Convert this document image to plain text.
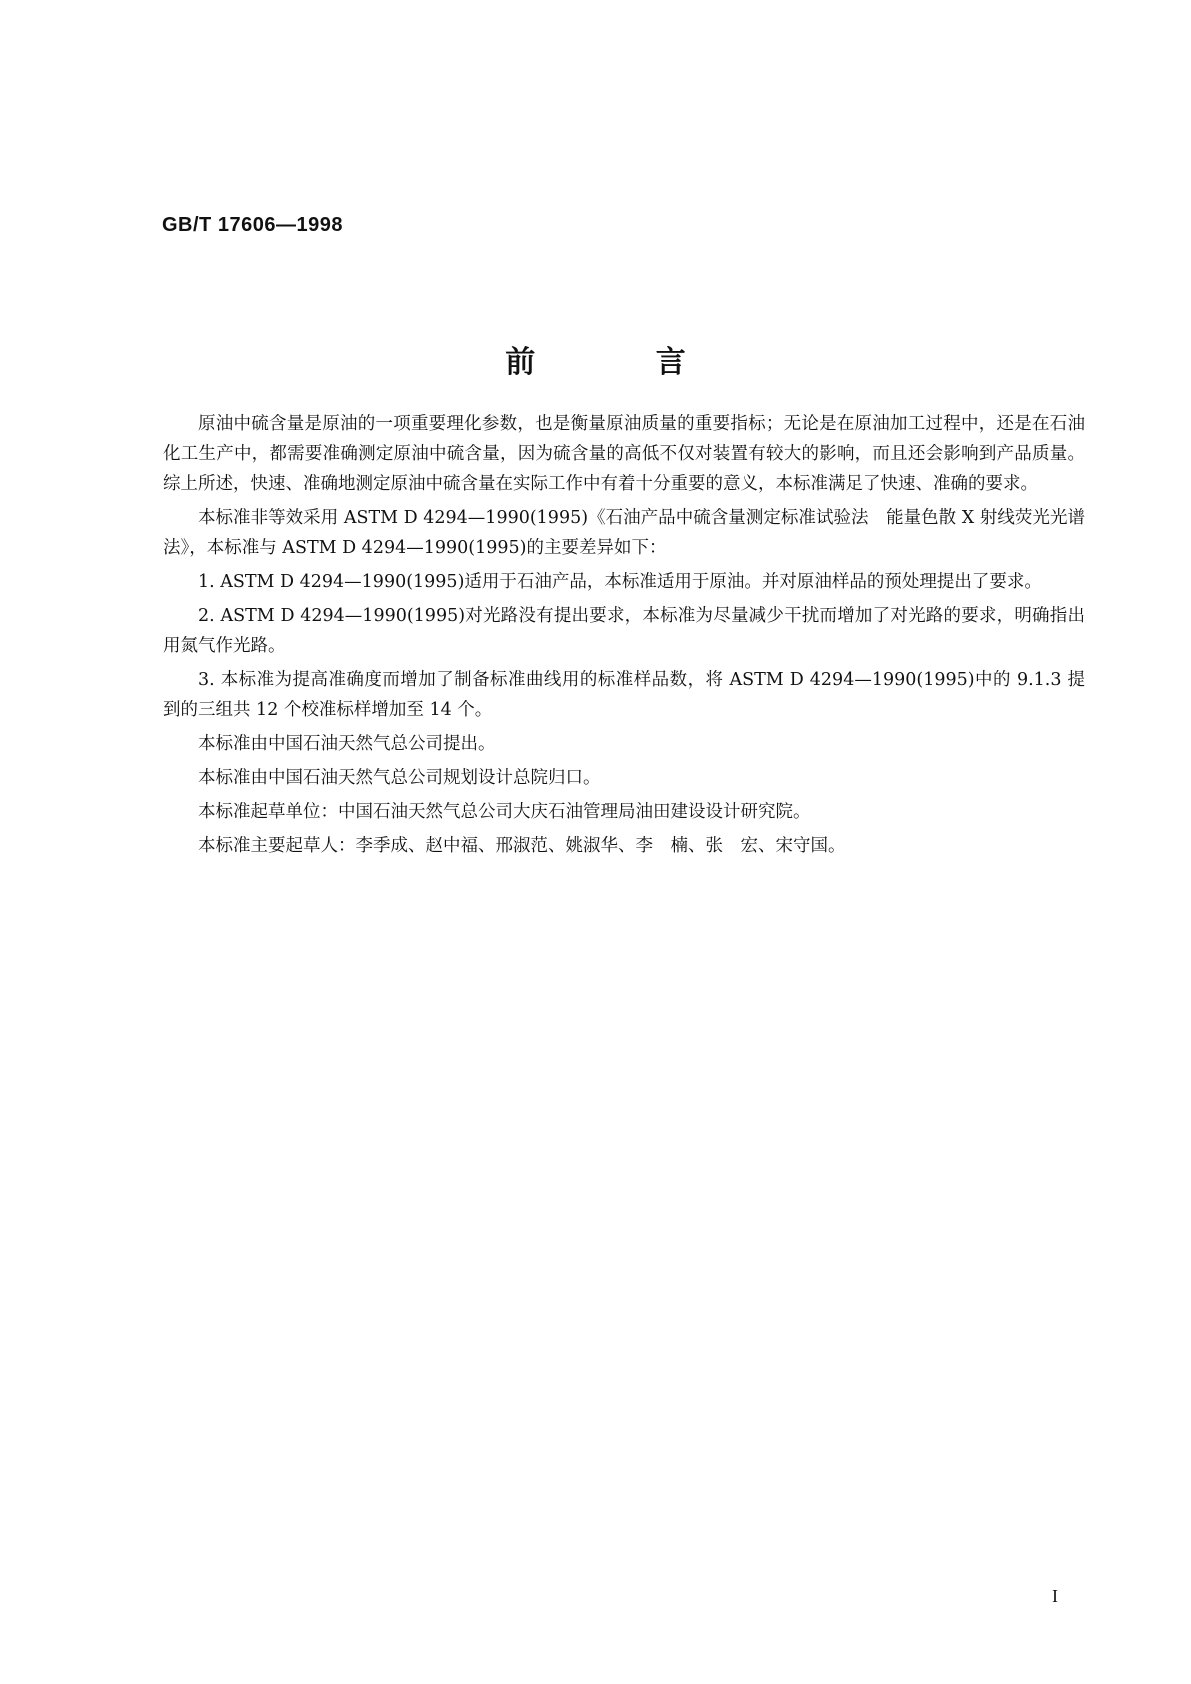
GB/T 17606—1998
前 言

原油中硫含量是原油的一项重要理化参数，也是衡量原油质量的重要指标；无论是在原油加工过程中，还是在石油化工生产中，都需要准确测定原油中硫含量，因为硫含量的高低不仅对装置有较大的影响，而且还会影响到产品质量。综上所述，快速、准确地测定原油中硫含量在实际工作中有着十分重要的意义，本标准满足了快速、准确的要求。

本标准非等效采用 ASTM D 4294—1990(1995)《石油产品中硫含量测定标准试验法　能量色散 X 射线荧光光谱法》，本标准与 ASTM D 4294—1990(1995)的主要差异如下：

1. ASTM D 4294—1990(1995)适用于石油产品，本标准适用于原油。并对原油样品的预处理提出了要求。

2. ASTM D 4294—1990(1995)对光路没有提出要求，本标准为尽量减少干扰而增加了对光路的要求，明确指出用氮气作光路。

3. 本标准为提高准确度而增加了制备标准曲线用的标准样品数，将 ASTM D 4294—1990(1995)中的 9.1.3 提到的三组共 12 个校准标样增加至 14 个。

本标准由中国石油天然气总公司提出。

本标准由中国石油天然气总公司规划设计总院归口。

本标准起草单位：中国石油天然气总公司大庆石油管理局油田建设设计研究院。

本标准主要起草人：李季成、赵中福、邢淑范、姚淑华、李　楠、张　宏、宋守国。

I
